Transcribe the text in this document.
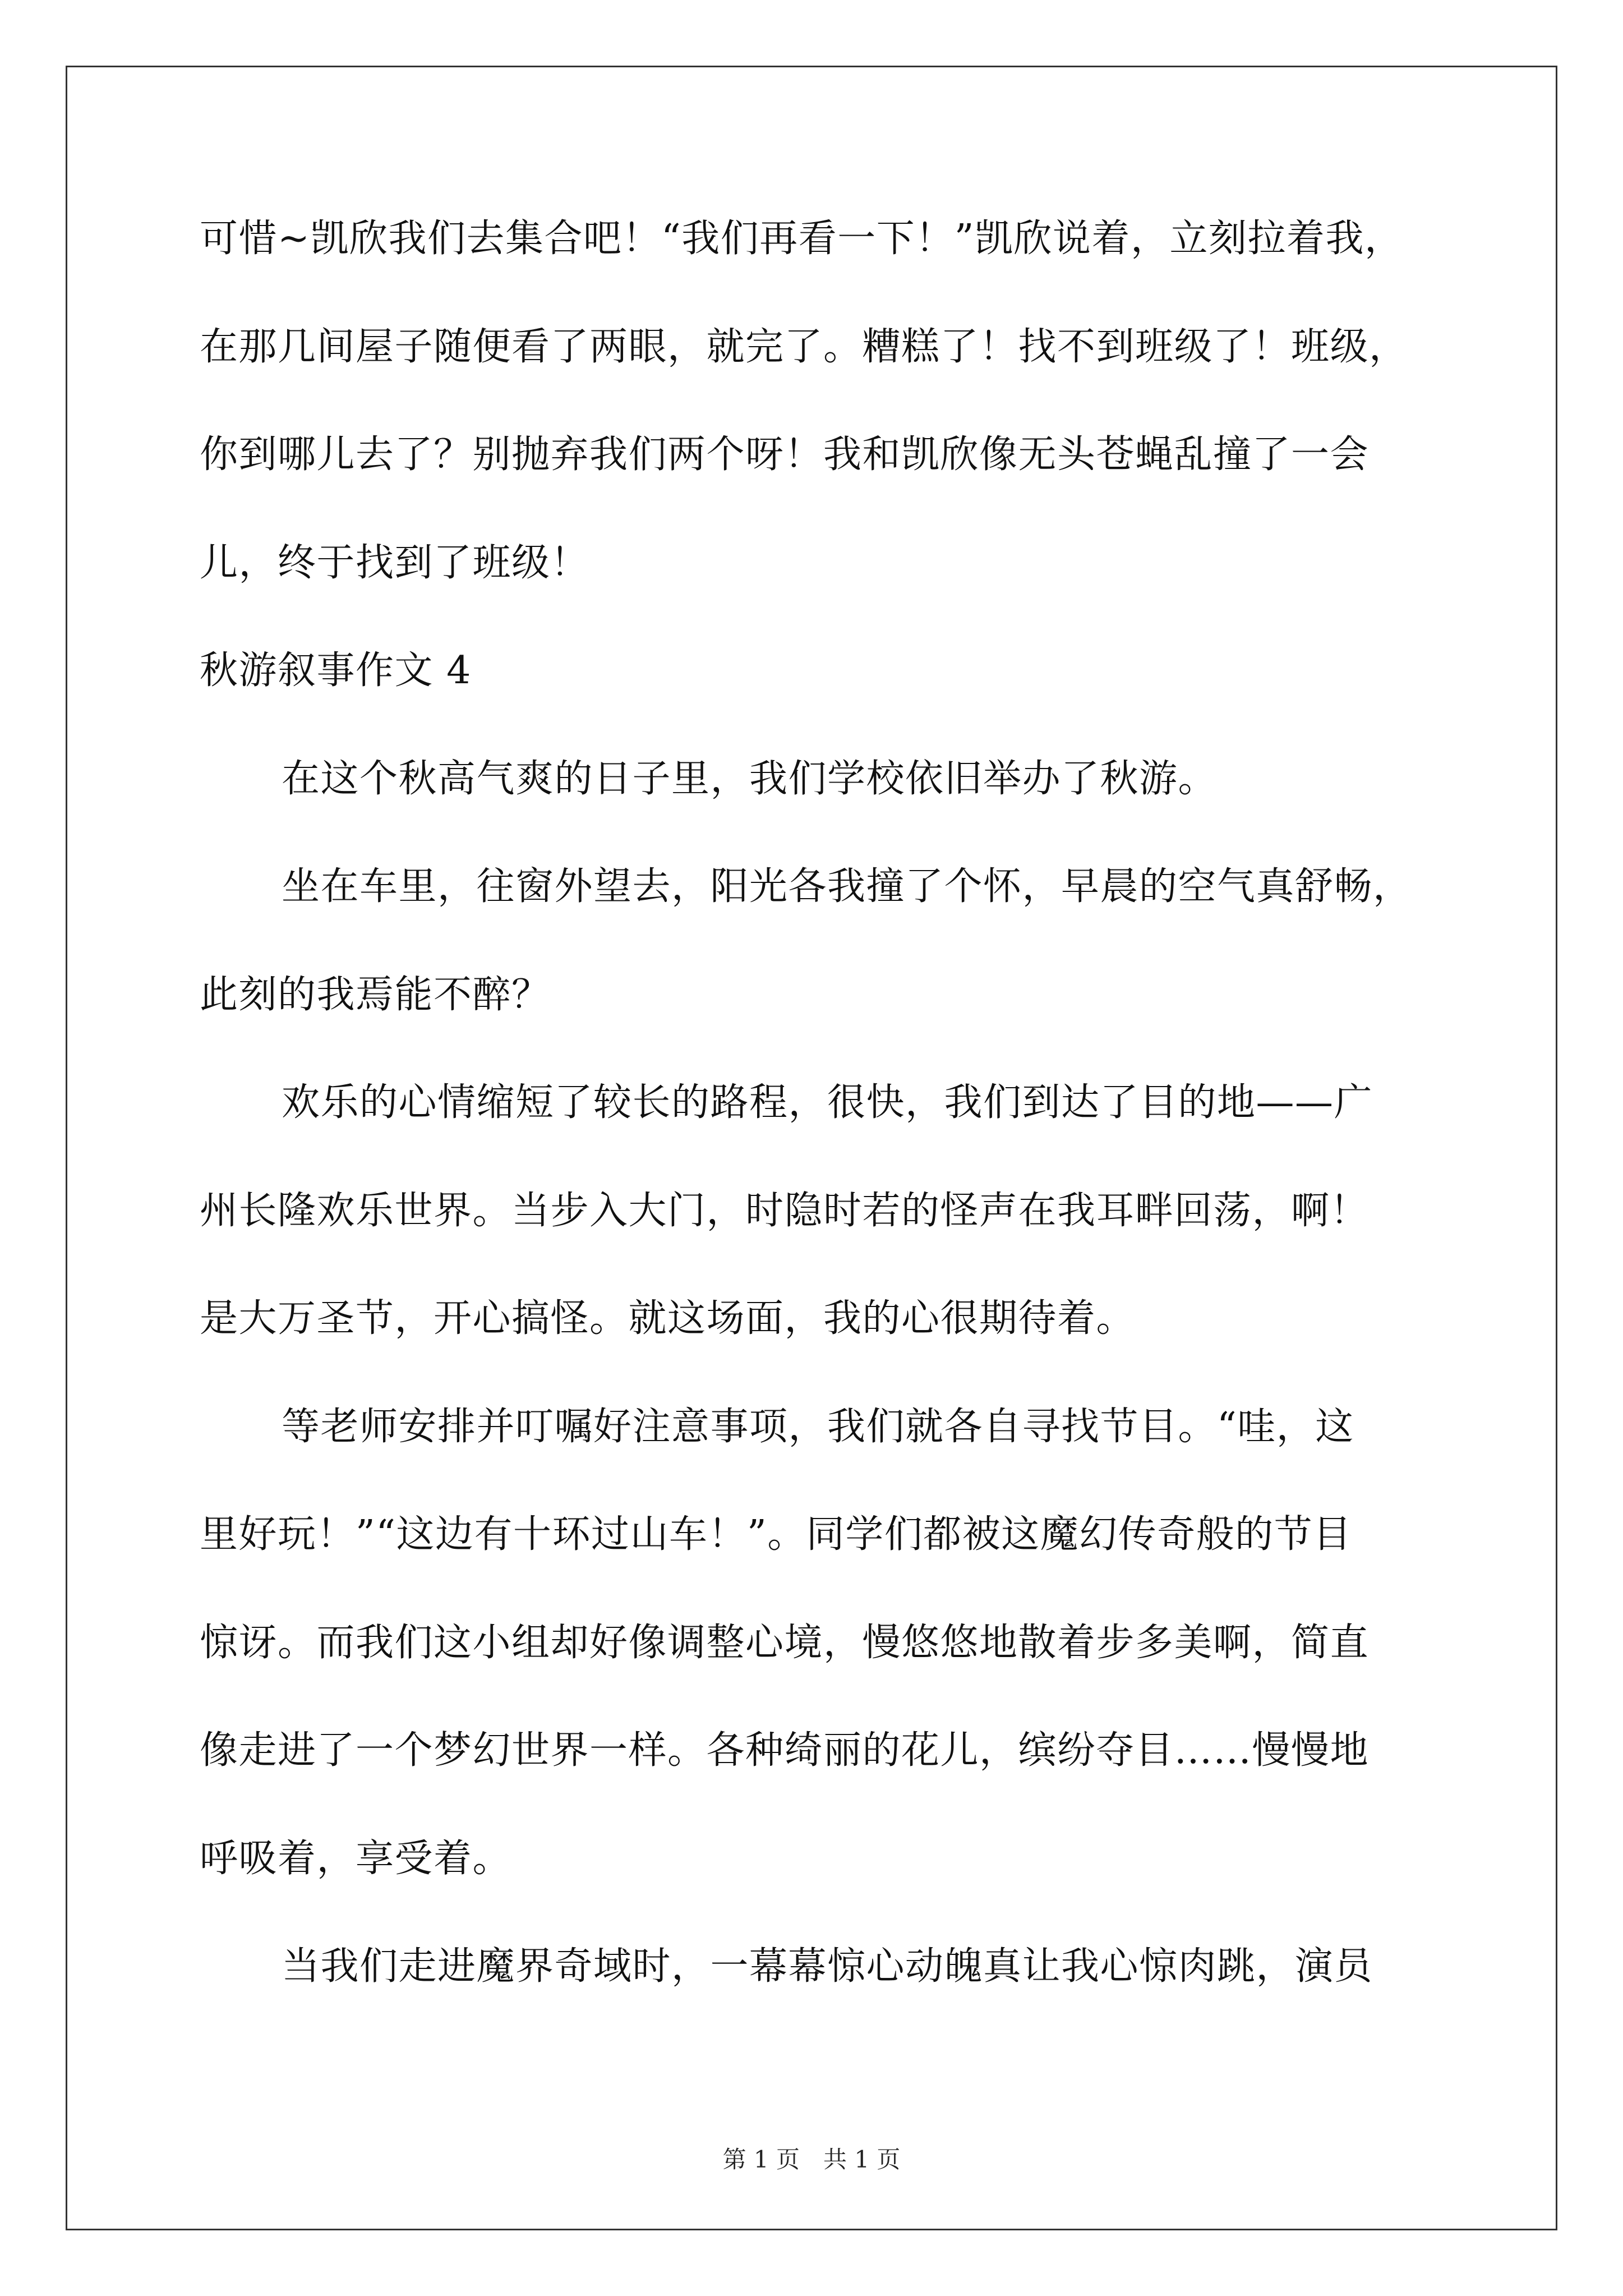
可惜~凯欣我们去集合吧！“我们再看一下！”凯欣说着，立刻拉着我，
在那几间屋子随便看了两眼，就完了。糟糕了！找不到班级了！班级，
你到哪儿去了？别抛弃我们两个呀！我和凯欣像无头苍蝇乱撞了一会
儿，终于找到了班级！
秋游叙事作文 4
在这个秋高气爽的日子里，我们学校依旧举办了秋游。
坐在车里，往窗外望去，阳光各我撞了个怀，早晨的空气真舒畅，
此刻的我焉能不醉？
欢乐的心情缩短了较长的路程，很快，我们到达了目的地——广
州长隆欢乐世界。当步入大门，时隐时若的怪声在我耳畔回荡，啊！
是大万圣节，开心搞怪。就这场面，我的心很期待着。
等老师安排并叮嘱好注意事项，我们就各自寻找节目。“哇，这
里好玩！”“这边有十环过山车！”。同学们都被这魔幻传奇般的节目
惊讶。而我们这小组却好像调整心境，慢悠悠地散着步多美啊，简直
像走进了一个梦幻世界一样。各种绮丽的花儿，缤纷夺目……慢慢地
呼吸着，享受着。
当我们走进魔界奇域时，一幕幕惊心动魄真让我心惊肉跳，演员
第 1 页　共 1 页
